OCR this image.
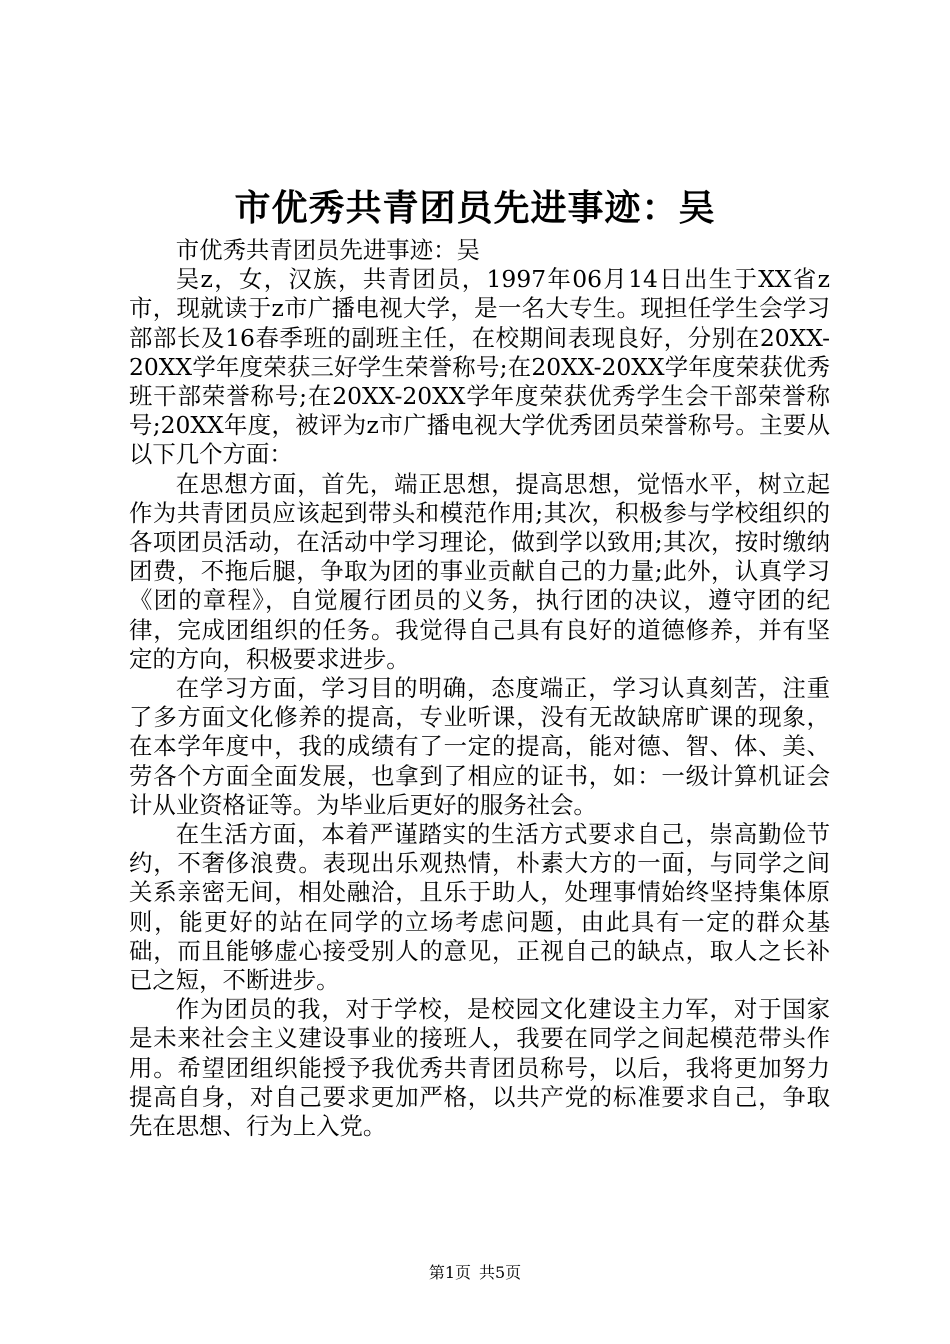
市优秀共青团员先进事迹：吴

市优秀共青团员先进事迹：吴

吴z，女，汉族，共青团员，1997年06月14日出生于XX省z市，现就读于z市广播电视大学，是一名大专生。现担任学生会学习部部长及16春季班的副班主任，在校期间表现良好，分别在20XX-20XX学年度荣获三好学生荣誉称号;在20XX-20XX学年度荣获优秀班干部荣誉称号;在20XX-20XX学年度荣获优秀学生会干部荣誉称号;20XX年度，被评为z市广播电视大学优秀团员荣誉称号。主要从以下几个方面：

在思想方面，首先，端正思想，提高思想，觉悟水平，树立起作为共青团员应该起到带头和模范作用;其次，积极参与学校组织的各项团员活动，在活动中学习理论，做到学以致用;其次，按时缴纳团费，不拖后腿，争取为团的事业贡献自己的力量;此外，认真学习《团的章程》，自觉履行团员的义务，执行团的决议，遵守团的纪律，完成团组织的任务。我觉得自己具有良好的道德修养，并有坚定的方向，积极要求进步。

在学习方面，学习目的明确，态度端正，学习认真刻苦，注重了多方面文化修养的提高，专业听课，没有无故缺席旷课的现象，在本学年度中，我的成绩有了一定的提高，能对德、智、体、美、劳各个方面全面发展，也拿到了相应的证书，如：一级计算机证会计从业资格证等。为毕业后更好的服务社会。

在生活方面，本着严谨踏实的生活方式要求自己，崇高勤俭节约，不奢侈浪费。表现出乐观热情，朴素大方的一面，与同学之间关系亲密无间，相处融洽，且乐于助人，处理事情始终坚持集体原则，能更好的站在同学的立场考虑问题，由此具有一定的群众基础，而且能够虚心接受别人的意见，正视自己的缺点，取人之长补已之短，不断进步。

作为团员的我，对于学校，是校园文化建设主力军，对于国家是未来社会主义建设事业的接班人，我要在同学之间起模范带头作用。希望团组织能授予我优秀共青团员称号，以后，我将更加努力提高自身，对自己要求更加严格，以共产党的标准要求自己，争取先在思想、行为上入党。

第1页 共5页
